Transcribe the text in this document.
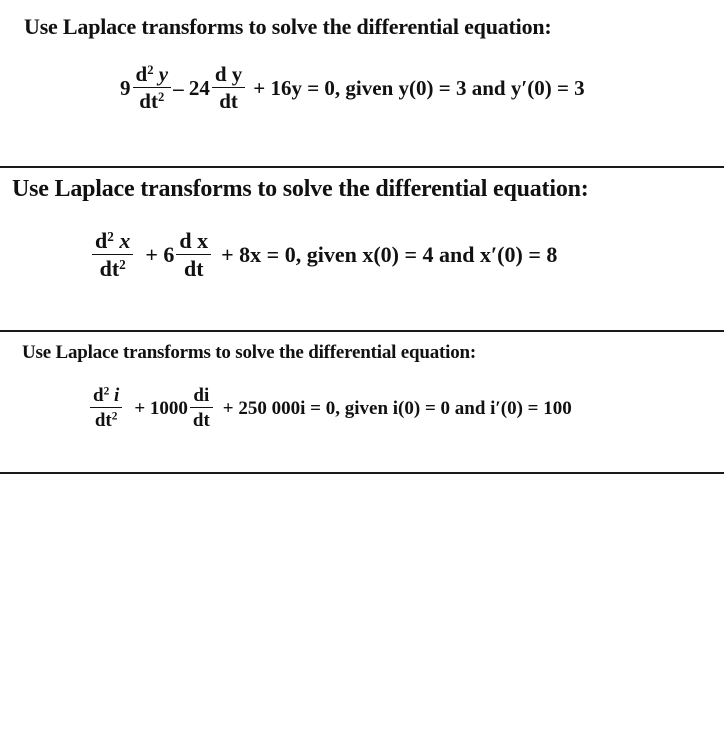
Use Laplace transforms to solve the differential equation:
$9 \frac{d^2 y}{dt^2} - 24 \frac{\text{d y}}{dt} + 16y = 0$, given y(0) = 3 and y′(0) = 3
Use Laplace transforms to solve the differential equation:
$\frac{d^2 x}{dt^2} + 6 \frac{\text{d x}}{dt} + 8x = 0$, given x(0) = 4 and x′(0) = 8
Use Laplace transforms to solve the differential equation:
$\frac{d^2 i}{dt^2} + 1000 \frac{di}{dt} + 250$ 000i = 0, given i(0) = 0 and i′(0) = 100
